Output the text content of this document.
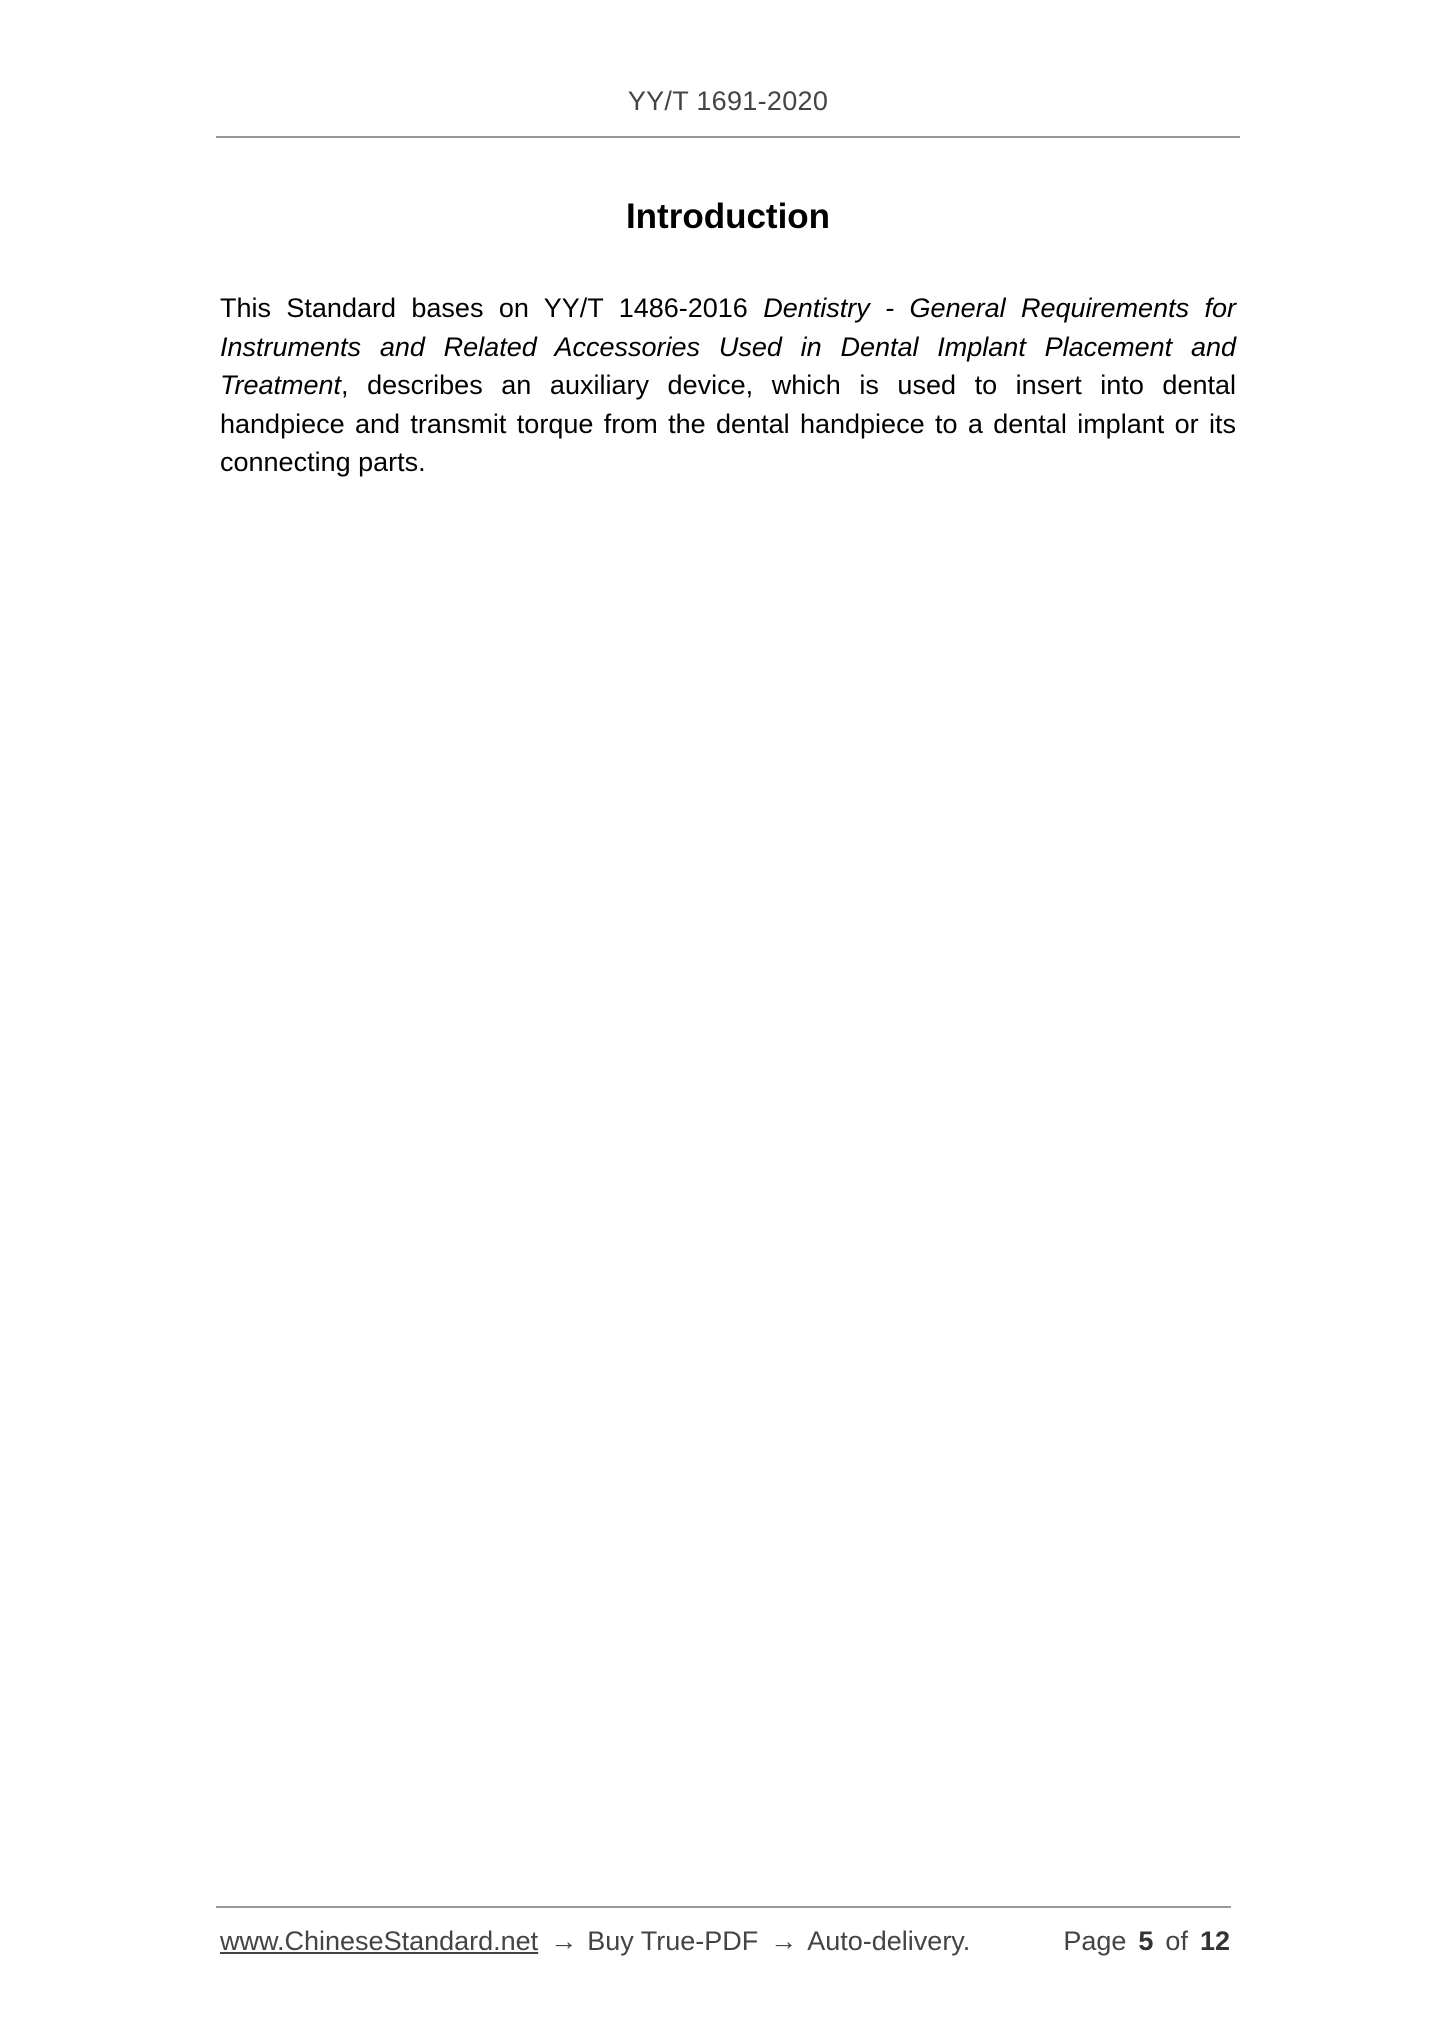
YY/T 1691-2020
Introduction
This Standard bases on YY/T 1486-2016 Dentistry - General Requirements for Instruments and Related Accessories Used in Dental Implant Placement and Treatment, describes an auxiliary device, which is used to insert into dental handpiece and transmit torque from the dental handpiece to a dental implant or its connecting parts.
www.ChineseStandard.net → Buy True-PDF → Auto-delivery.	Page 5 of 12
